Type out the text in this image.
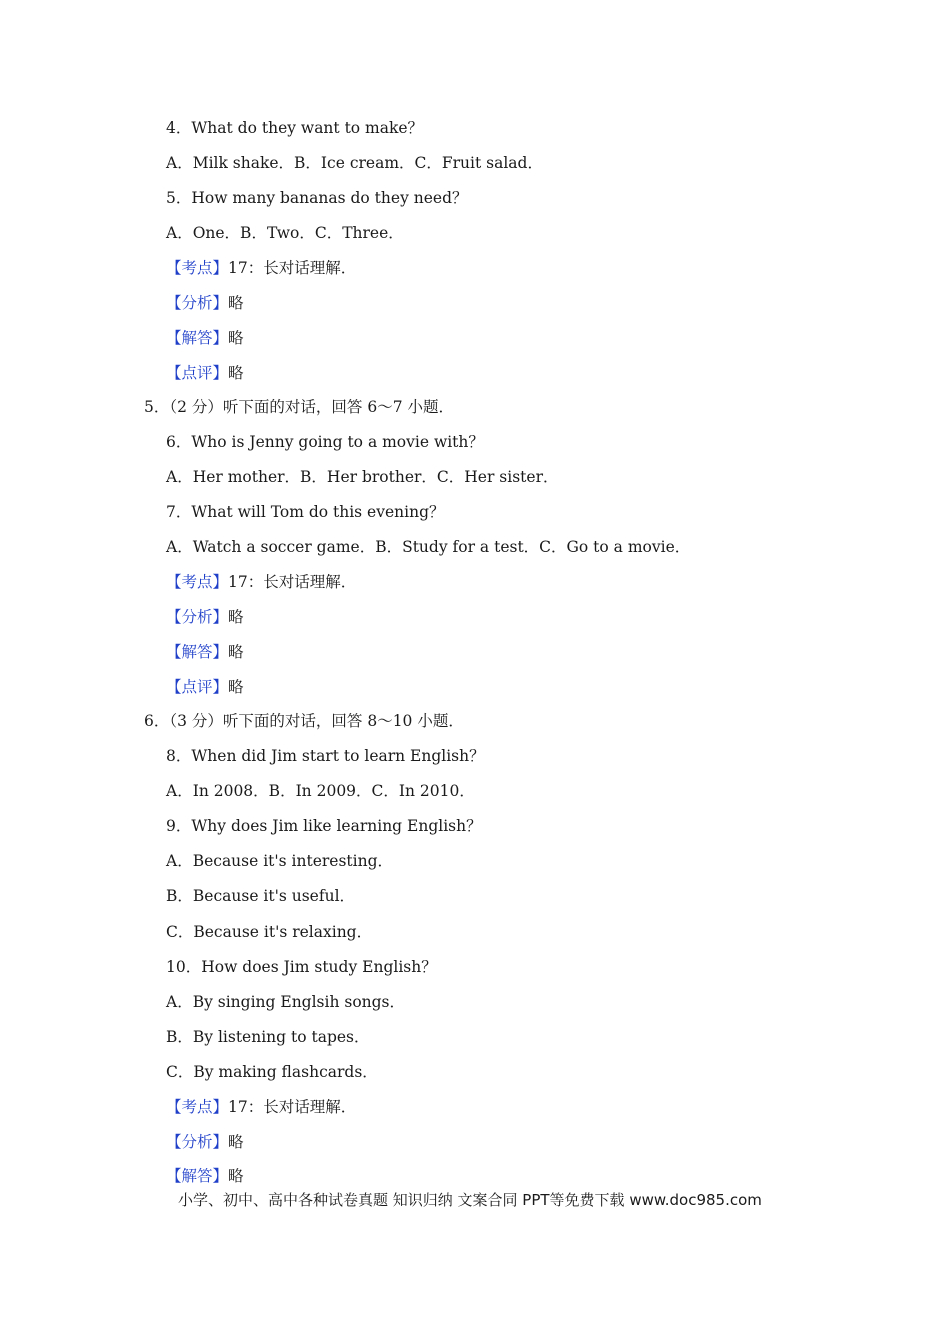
4．What do they want to make？
A．Milk shake．B．Ice cream．C．Fruit salad．
5．How many bananas do they need？
A．One．B．Two．C．Three．
【考点】17：长对话理解．
【分析】略
【解答】略
【点评】略
5．（2 分）听下面的对话，回答 6～7 小题．
6．Who is Jenny going to a movie with？
A．Her mother．B．Her brother．C．Her sister．
7．What will Tom do this evening？
A．Watch a soccer game．B．Study for a test．C．Go to a movie．
【考点】17：长对话理解．
【分析】略
【解答】略
【点评】略
6．（3 分）听下面的对话，回答 8～10 小题．
8．When did Jim start to learn English？
A．In 2008．B．In 2009．C．In 2010．
9．Why does Jim like learning English？
A．Because it's interesting．
B．Because it's useful．
C．Because it's relaxing．
10．How does Jim study English？
A．By singing Englsih songs．
B．By listening to tapes．
C．By making flashcards．
【考点】17：长对话理解．
【分析】略
【解答】略
小学、初中、高中各种试卷真题 知识归纳 文案合同 PPT等免费下载 www.doc985.com
